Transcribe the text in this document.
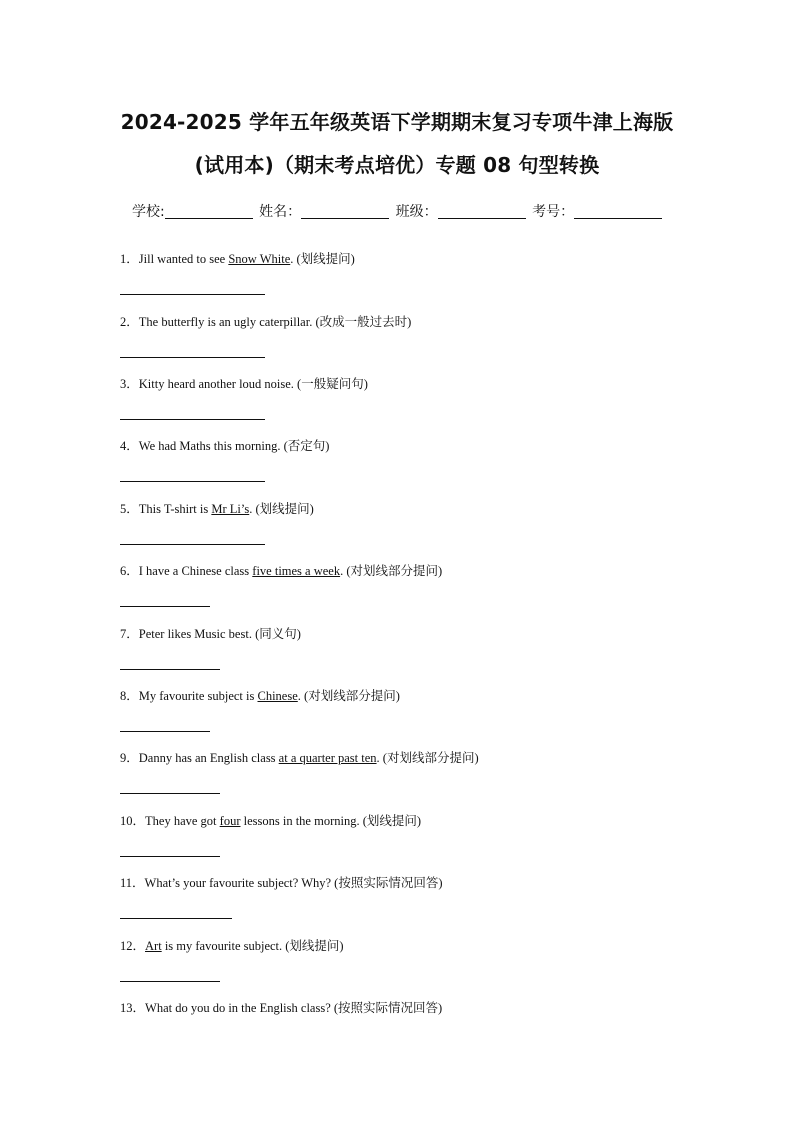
2024-2025 学年五年级英语下学期期末复习专项牛津上海版
(试用本)（期末考点培优）专题 08 句型转换
学校:	姓名：	班级：	考号：
1．Jill wanted to see Snow White. (划线提问)
2．The butterfly is an ugly caterpillar. (改成一般过去时)
3．Kitty heard another loud noise. (一般疑问句)
4．We had Maths this morning. (否定句)
5．This T-shirt is Mr Li’s. (划线提问)
6．I have a Chinese class five times a week. (对划线部分提问)
7．Peter likes Music best. (同义句)
8．My favourite subject is Chinese. (对划线部分提问)
9．Danny has an English class at a quarter past ten. (对划线部分提问)
10．They have got four lessons in the morning. (划线提问)
11．What’s your favourite subject? Why? (按照实际情况回答)
12．Art is my favourite subject. (划线提问)
13．What do you do in the English class? (按照实际情况回答)
